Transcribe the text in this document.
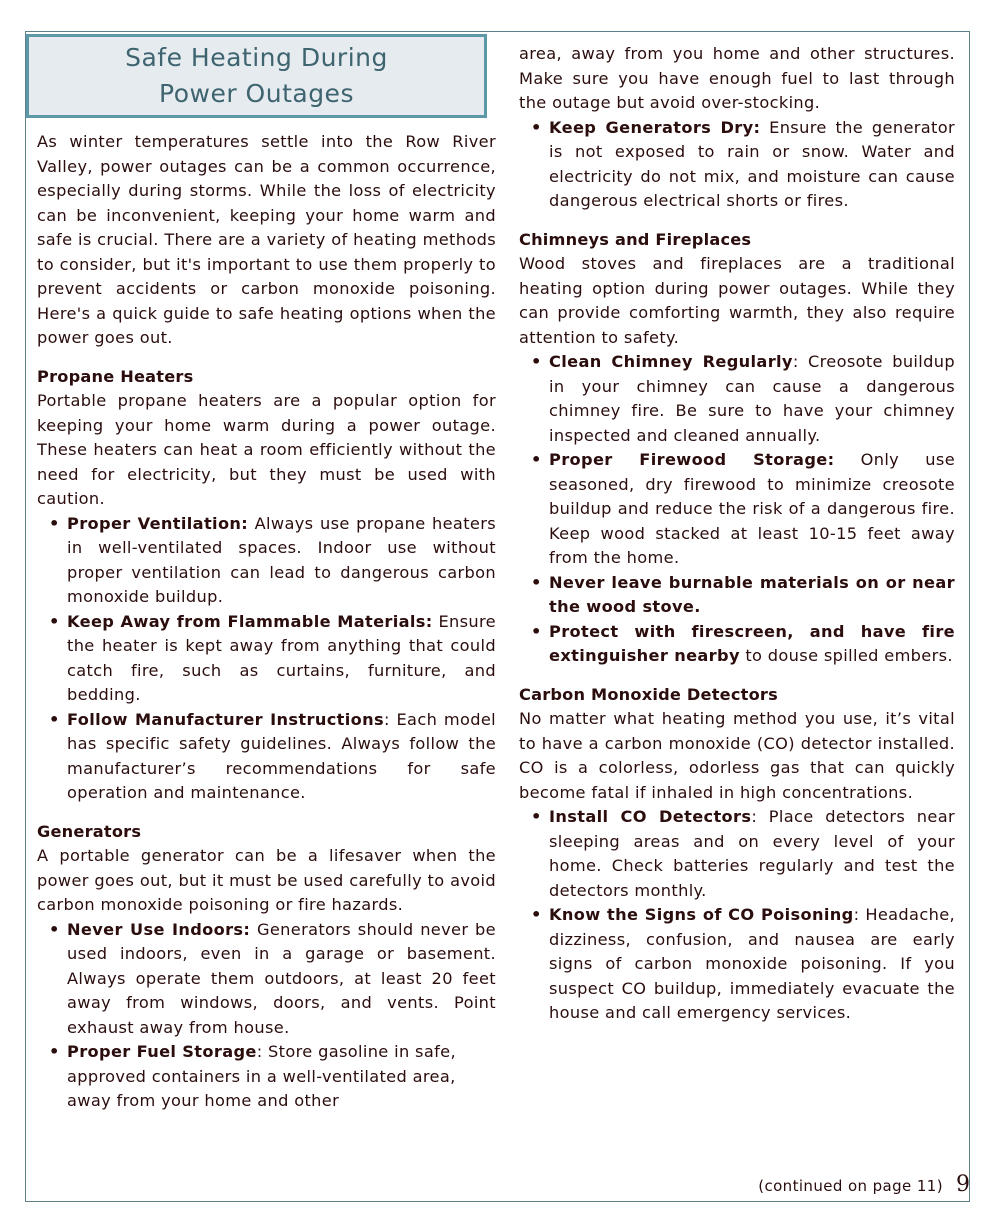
Safe Heating During
Power Outages

As winter temperatures settle into the Row River Valley, power outages can be a common occurrence, especially during storms. While the loss of electricity can be inconvenient, keeping your home warm and safe is crucial. There are a variety of heating methods to consider, but it's important to use them properly to prevent accidents or carbon monoxide poisoning. Here's a quick guide to safe heating options when the power goes out.

Propane Heaters

Portable propane heaters are a popular option for keeping your home warm during a power outage. These heaters can heat a room efficiently without the need for electricity, but they must be used with caution.

• Proper Ventilation: Always use propane heaters in well-ventilated spaces. Indoor use without proper ventilation can lead to dangerous carbon monoxide buildup.
• Keep Away from Flammable Materials: Ensure the heater is kept away from anything that could catch fire, such as curtains, furniture, and bedding.
• Follow Manufacturer Instructions: Each model has specific safety guidelines. Always follow the manufacturer’s recommendations for safe operation and maintenance.
Generators

A portable generator can be a lifesaver when the power goes out, but it must be used carefully to avoid carbon monoxide poisoning or fire hazards.

• Never Use Indoors: Generators should never be used indoors, even in a garage or basement. Always operate them outdoors, at least 20 feet away from windows, doors, and vents. Point exhaust away from house.
• Proper Fuel Storage: Store gasoline in safe, approved containers in a well-ventilated area, away from your home and other

area, away from you home and other structures. Make sure you have enough fuel to last through the outage but avoid over-stocking.

• Keep Generators Dry: Ensure the generator is not exposed to rain or snow. Water and electricity do not mix, and moisture can cause dangerous electrical shorts or fires.
Chimneys and Fireplaces

Wood stoves and fireplaces are a traditional heating option during power outages. While they can provide comforting warmth, they also require attention to safety.

• Clean Chimney Regularly: Creosote buildup in your chimney can cause a dangerous chimney fire. Be sure to have your chimney inspected and cleaned annually.
• Proper Firewood Storage: Only use seasoned, dry firewood to minimize creosote buildup and reduce the risk of a dangerous fire. Keep wood stacked at least 10-15 feet away from the home.
• Never leave burnable materials on or near the wood stove.
• Protect with firescreen, and have fire extinguisher nearby to douse spilled embers.
Carbon Monoxide Detectors

No matter what heating method you use, it’s vital to have a carbon monoxide (CO) detector installed. CO is a colorless, odorless gas that can quickly become fatal if inhaled in high concentrations.

• Install CO Detectors: Place detectors near sleeping areas and on every level of your home. Check batteries regularly and test the detectors monthly.
• Know the Signs of CO Poisoning: Headache, dizziness, confusion, and nausea are early signs of carbon monoxide poisoning. If you suspect CO buildup, immediately evacuate the house and call emergency services.
(continued on page 11) 9
